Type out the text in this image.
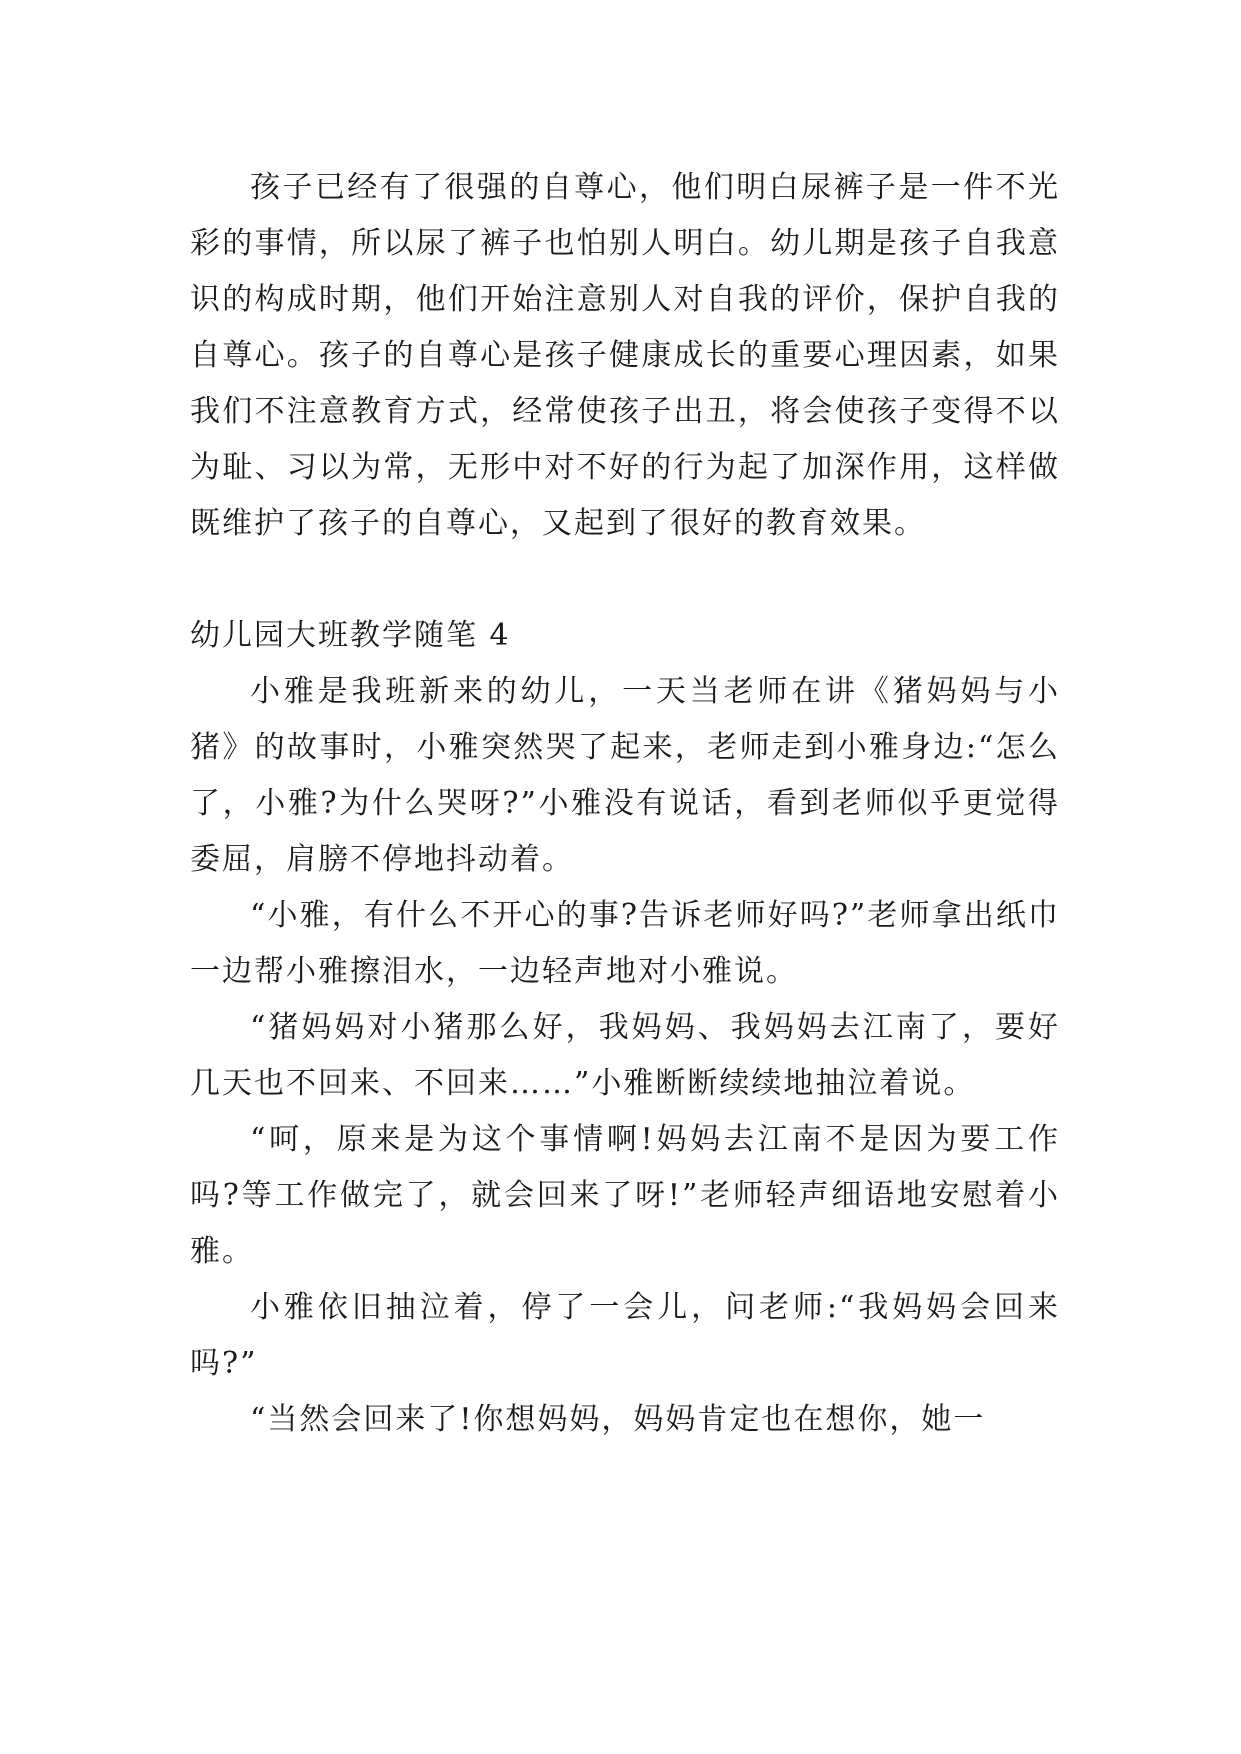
孩子已经有了很强的自尊心，他们明白尿裤子是一件不光彩的事情，所以尿了裤子也怕别人明白。幼儿期是孩子自我意识的构成时期，他们开始注意别人对自我的评价，保护自我的自尊心。孩子的自尊心是孩子健康成长的重要心理因素，如果我们不注意教育方式，经常使孩子出丑，将会使孩子变得不以为耻、习以为常，无形中对不好的行为起了加深作用，这样做既维护了孩子的自尊心，又起到了很好的教育效果。

幼儿园大班教学随笔 4

小雅是我班新来的幼儿，一天当老师在讲《猪妈妈与小猪》的故事时，小雅突然哭了起来，老师走到小雅身边:“怎么了，小雅?为什么哭呀?”小雅没有说话，看到老师似乎更觉得委屈，肩膀不停地抖动着。

“小雅，有什么不开心的事?告诉老师好吗?”老师拿出纸巾一边帮小雅擦泪水，一边轻声地对小雅说。

“猪妈妈对小猪那么好，我妈妈、我妈妈去江南了，要好几天也不回来、不回来……”小雅断断续续地抽泣着说。

“呵，原来是为这个事情啊!妈妈去江南不是因为要工作吗?等工作做完了，就会回来了呀!”老师轻声细语地安慰着小雅。

小雅依旧抽泣着，停了一会儿，问老师:“我妈妈会回来吗?”

“当然会回来了!你想妈妈，妈妈肯定也在想你，她一
